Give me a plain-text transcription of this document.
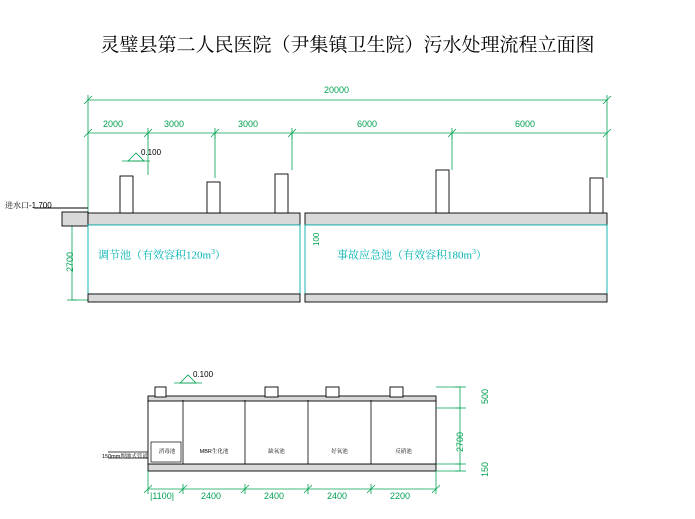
灵璧县第二人民医院（尹集镇卫生院）污水处理流程立面图
20000
2000	3000	3000	6000	6000
0.100
进水口-1.700
2700
100
调节池（有效容积$120m^3$）	事故应急池（有效容积$180m^3$）
0.100
150mm埋地式管道
消毒池	MBR生化池	缺氧池	好氧池	反硝池
|1100|	2400	2400	2400	2200
500
2700
150
